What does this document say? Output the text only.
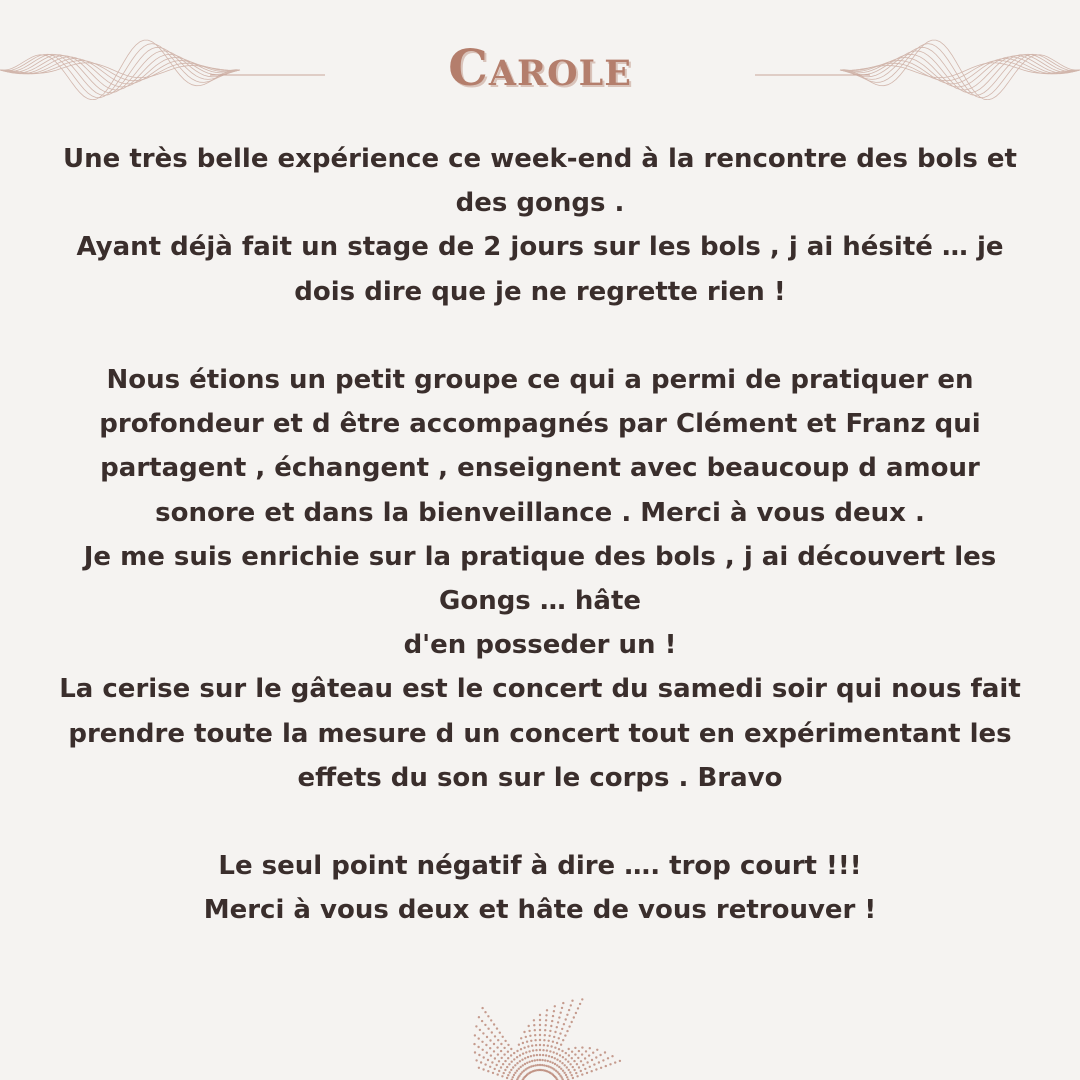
Carole
Une très belle expérience ce week-end à la rencontre des bols et
des gongs .
Ayant déjà fait un stage de 2 jours sur les bols , j ai hésité … je
dois dire que je ne regrette rien !
Nous étions un petit groupe ce qui a permi de pratiquer en
profondeur et d être accompagnés par Clément et Franz qui
partagent , échangent , enseignent avec beaucoup d amour
sonore et dans la bienveillance . Merci à vous deux .
Je me suis enrichie sur la pratique des bols , j ai découvert les
Gongs … hâte
d'en posseder un !
La cerise sur le gâteau est le concert du samedi soir qui nous fait
prendre toute la mesure d un concert tout en expérimentant les
effets du son sur le corps . Bravo
Le seul point négatif à dire …. trop court !!!
Merci à vous deux et hâte de vous retrouver !
